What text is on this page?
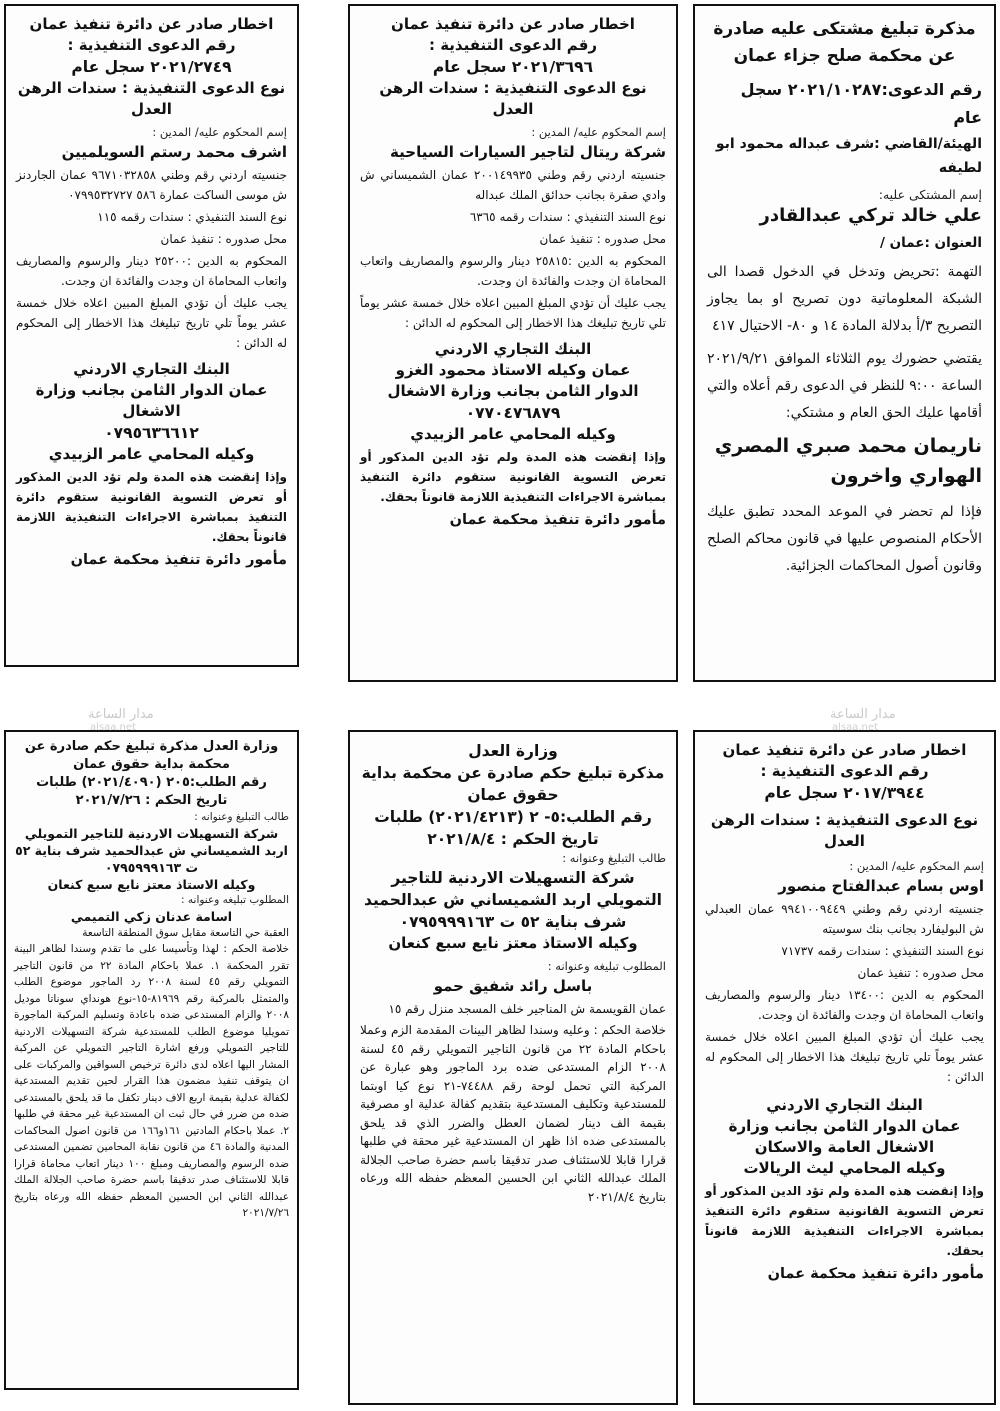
مذكرة تبليغ مشتكى عليه صادرة عن محكمة صلح جزاء عمان
رقم الدعوى:٢٠٢١/١٠٢٨٧ سجل عام
الهيئة/القاضي :شرف عبداله محمود ابو لطيفه
إسم المشتكى عليه:
علي خالد تركي عبدالقادر
العنوان :عمان /
التهمة :تحريض وتدخل في الدخول قصدا الى الشبكة المعلوماتية دون تصريح او بما يجاوز التصريح ٣/أ بدلالة المادة ١٤ و ٨٠- الاحتيال ٤١٧
يقتضي حضورك يوم الثلاثاء الموافق ٢٠٢١/٩/٢١ الساعة ٩:٠٠ للنظر في الدعوى رقم أعلاه والتي أقامها عليك الحق العام و مشتكي:
ناريمان محمد صبري المصري الهواري واخرون
فإذا لم تحضر في الموعد المحدد تطبق عليك الأحكام المنصوص عليها في قانون محاكم الصلح وقانون أصول المحاكمات الجزائية.
اخطار صادر عن دائرة تنفيذ عمان
رقم الدعوى التنفيذية :
٢٠٢١/٣٦٩٦ سجل عام
نوع الدعوى التنفيذية : سندات الرهن العدل
إسم المحكوم عليه/ المدين :
شركة ريتال لتاجير السيارات السياحية
جنسيته اردني رقم وطني ٢٠٠١٤٩٩٣٥ عمان الشميساني ش وادي صقرة بجانب حدائق الملك عبداله
نوع السند التنفيذي : سندات رقمه ٦٣٦٥
محل صدوره : تنفيذ عمان
المحكوم به الدين :٢٥٨١٥ دينار والرسوم والمصاريف واتعاب المحاماة ان وجدت والفائدة ان وجدت.
يجب عليك أن تؤدي المبلغ المبين اعلاه خلال خمسة عشر يوماً تلي تاريخ تبليغك هذا الاخطار إلى المحكوم له الدائن :
البنك التجاري الاردني
عمان وكيله الاستاذ محمود الغزو
الدوار الثامن بجانب وزارة الاشغال
٠٧٧٠٤٧٦٨٧٩
وكيله المحامي عامر الزبيدي
وإذا إنقضت هذه المدة ولم تؤد الدين المذكور أو تعرض التسوية القانونية ستقوم دائرة التنفيذ بمباشرة الاجراءات التنفيذية اللازمة قانوناً بحقك.
مأمور دائرة تنفيذ محكمة عمان
اخطار صادر عن دائرة تنفيذ عمان
رقم الدعوى التنفيذية :
٢٠٢١/٢٧٤٩ سجل عام
نوع الدعوى التنفيذية : سندات الرهن العدل
إسم المحكوم عليه/ المدين :
اشرف محمد رستم السويلميين
جنسيته اردني رقم وطني ٩٦٧١٠٣٢٨٥٨ عمان الجاردنز ش موسى الساكت عمارة ٥٨٦ ٠٧٩٩٥٣٢٧٢٧
نوع السند التنفيذي : سندات رقمه ١١٥
محل صدوره : تنفيذ عمان
المحكوم به الدين :٢٥٢٠٠ دينار والرسوم والمصاريف واتعاب المحاماة ان وجدت والفائدة ان وجدت.
يجب عليك أن تؤدي المبلغ المبين اعلاه خلال خمسة عشر يوماً تلي تاريخ تبليغك هذا الاخطار إلى المحكوم له الدائن :
البنك التجاري الاردني
عمان الدوار الثامن بجانب وزارة الاشغال
٠٧٩٥٦٣٦٦١٢
وكيله المحامي عامر الزبيدي
وإذا إنقضت هذه المدة ولم تؤد الدين المذكور أو تعرض التسوية القانونية ستقوم دائرة التنفيذ بمباشرة الاجراءات التنفيذية اللازمة قانوناً بحقك.
مأمور دائرة تنفيذ محكمة عمان
اخطار صادر عن دائرة تنفيذ عمان
رقم الدعوى التنفيذية :
٢٠١٧/٣٩٤٤ سجل عام
نوع الدعوى التنفيذية : سندات الرهن العدل
إسم المحكوم عليه/ المدين :
اوس بسام عبدالفتاح منصور
جنسيته اردني رقم وطني ٩٩٤١٠٠٩٤٤٩ عمان العبدلي ش البوليفارد بجانب بنك سوسيته
نوع السند التنفيذي : سندات رقمه ٧١٧٣٧
محل صدوره : تنفيذ عمان
المحكوم به الدين :١٣٤٠٠ دينار والرسوم والمصاريف واتعاب المحاماة ان وجدت والفائدة ان وجدت.
يجب عليك أن تؤدي المبلغ المبين اعلاه خلال خمسة عشر يوماً تلي تاريخ تبليغك هذا الاخطار إلى المحكوم له الدائن :
البنك التجاري الاردني
عمان الدوار الثامن بجانب وزارة الاشغال العامة والاسكان
وكيله المحامي ليث الريالات
وإذا إنقضت هذه المدة ولم تؤد الدين المذكور أو تعرض التسوية القانونية ستقوم دائرة التنفيذ بمباشرة الاجراءات التنفيذية اللازمة قانوناً بحقك.
مأمور دائرة تنفيذ محكمة عمان
وزارة العدل
مذكرة تبليغ حكم صادرة عن محكمة بداية حقوق عمان
رقم الطلب:٥- ٢ (٢٠٢١/٤٢١٣) طلبات
تاريخ الحكم : ٢٠٢١/٨/٤
طالب التبليغ وعنوانه :
شركة التسهيلات الاردنية للتاجير التمويلي اربد الشميساني ش عبدالحميد شرف بناية ٥٢ ت ٠٧٩٥٩٩٩١٦٣
وكيله الاستاذ معتز نايع سبع كنعان
المطلوب تبليغه وعنوانه :
باسل رائد شفيق حمو
عمان القويسمة ش المناجير خلف المسجد منزل رقم ١٥
خلاصة الحكم : وعليه وسندا لظاهر البينات المقدمة الزم وعملا باحكام المادة ٢٢ من قانون التاجير التمويلي رقم ٤٥ لسنة ٢٠٠٨ الزام المستدعى ضده برد الماجور وهو عبارة عن المركبة التي تحمل لوحة رقم ٧٤٤٨٨-٢١ نوع كيا اوبتما للمستدعية وتكليف المستدعية بتقديم كفالة عدلية او مصرفية بقيمة الف دينار لضمان العطل والضرر الذي قد يلحق بالمستدعى ضده اذا ظهر ان المستدعية غير محقة في طلبها قرارا قابلا للاستئناف صدر تدقيقا باسم حضرة صاحب الجلالة الملك عبدالله الثاني ابن الحسين المعظم حفظه الله ورعاه بتاريخ ٢٠٢١/٨/٤
وزارة العدل مذكرة تبليغ حكم صادرة عن محكمة بداية حقوق عمان
رقم الطلب:٢٠٥ (٢٠٢١/٤٠٩٠) طلبات
تاريخ الحكم : ٢٠٢١/٧/٢٦
طالب التبليغ وعنوانه :
شركة التسهيلات الاردنية للتاجير التمويلي اربد الشميساني ش عبدالحميد شرف بناية ٥٢ ت ٠٧٩٥٩٩٩١٦٣
وكيله الاستاذ معتز نايع سبع كنعان
المطلوب تبليغه وعنوانه :
اسامة عدنان زكي التميمي
العقبة حي التاسعة مقابل سوق المنطقة التاسعة
خلاصة الحكم : لهذا وتأسيسا على ما تقدم وسندا لظاهر البينة تقرر المحكمة ١. عملا باحكام المادة ٢٢ من قانون التاجير التمويلي رقم ٤٥ لسنة ٢٠٠٨ رد الماجور موضوع الطلب والمتمثل بالمركبة رقم ٨١٩٦٩-١٥-نوع هونداي سوناتا موديل ٢٠٠٨ والزام المستدعى ضده باعادة وتسليم المركبة الماجورة تمويليا موضوع الطلب للمستدعية شركة التسهيلات الاردنية للتاجير التمويلي ورفع اشارة التاجير التمويلي عن المركبة المشار اليها اعلاه لدى دائرة ترخيص السواقين والمركبات على ان يتوقف تنفيذ مضمون هذا القرار لحين تقديم المستدعية لكفالة عدلية بقيمة اربع الاف دينار تكفل ما قد يلحق بالمستدعى ضده من ضرر في حال ثبت ان المستدعية غير محقة في طلبها ٢. عملا باحكام المادتين ١٦١و١٦٦ من قانون اصول المحاكمات المدنية والمادة ٤٦ من قانون نقابة المحامين تضمين المستدعى ضده الرسوم والمصاريف ومبلغ ١٠٠ دينار اتعاب محاماة قرارا قابلا للاستئناف صدر تدقيقا باسم حضرة صاحب الجلالة الملك عبدالله الثاني ابن الحسين المعظم حفظه الله ورعاه بتاريخ ٢٠٢١/٧/٢٦
مدار الساعة
alsaa.net
مدار الساعة
alsaa.net
